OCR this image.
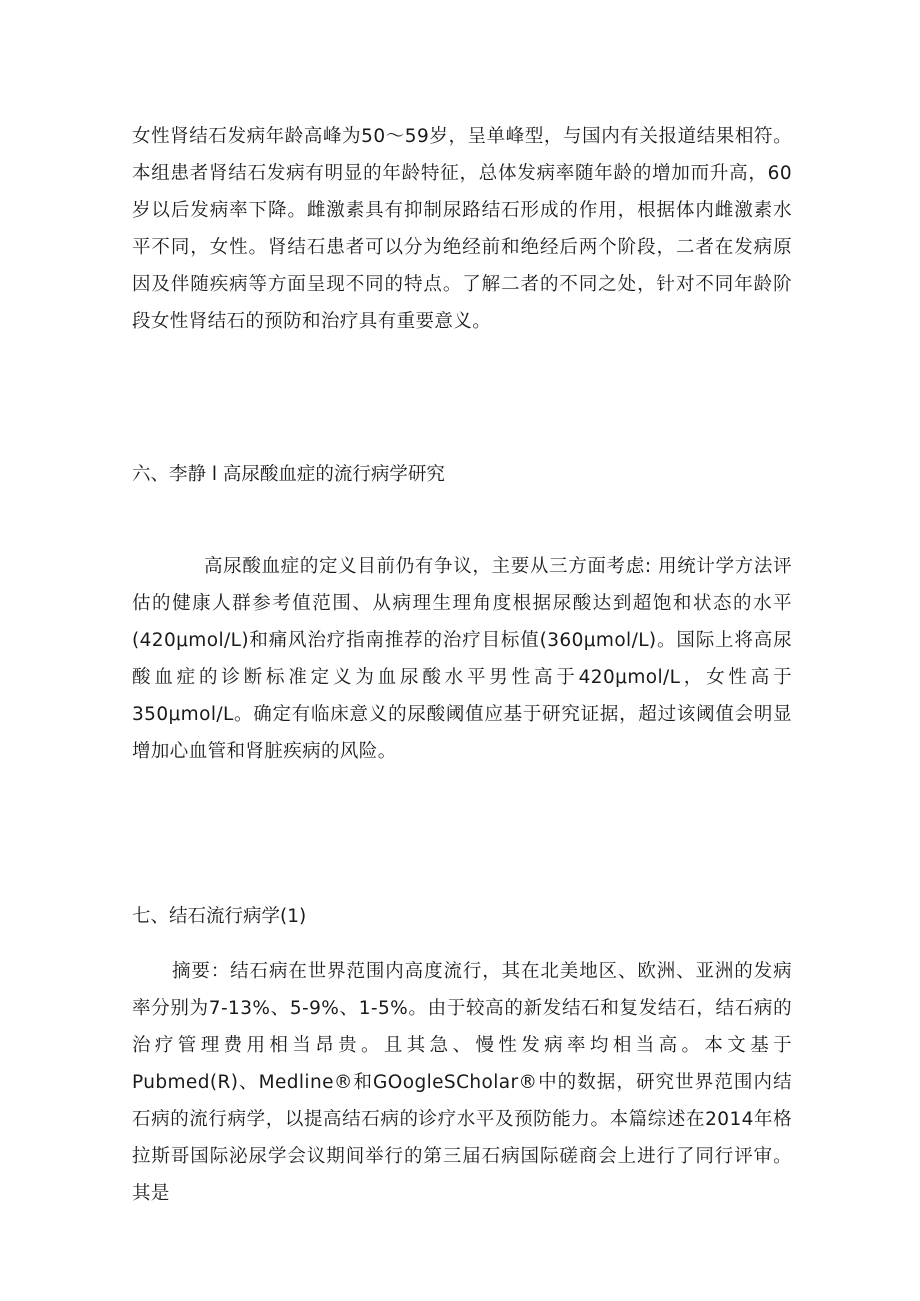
女性肾结石发病年龄高峰为50〜59岁，呈单峰型，与国内有关报道结果相符。本组患者肾结石发病有明显的年龄特征，总体发病率随年龄的增加而升高，60岁以后发病率下降。雌激素具有抑制尿路结石形成的作用，根据体内雌激素水平不同，女性。肾结石患者可以分为绝经前和绝经后两个阶段，二者在发病原因及伴随疾病等方面呈现不同的特点。了解二者的不同之处，针对不同年龄阶段女性肾结石的预防和治疗具有重要意义。

六、李静 l 高尿酸血症的流行病学研究

高尿酸血症的定义目前仍有争议，主要从三方面考虑: 用统计学方法评估的健康人群参考值范围、从病理生理角度根据尿酸达到超饱和状态的水平(420μmol/L)和痛风治疗指南推荐的治疗目标值(360μmol/L)。国际上将高尿酸血症的诊断标准定义为血尿酸水平男性高于420μmol/L，女性高于350μmol/L。确定有临床意义的尿酸阈值应基于研究证据，超过该阈值会明显增加心血管和肾脏疾病的风险。

七、结石流行病学(1)

摘要：结石病在世界范围内高度流行，其在北美地区、欧洲、亚洲的发病率分别为7-13%、5-9%、1-5%。由于较高的新发结石和复发结石，结石病的治疗管理费用相当昂贵。且其急、慢性发病率均相当高。本文基于Pubmed(R)、Medline®和GOogleSCholar®中的数据，研究世界范围内结石病的流行病学，以提高结石病的诊疗水平及预防能力。本篇综述在2014年格拉斯哥国际泌尿学会议期间举行的第三届石病国际磋商会上进行了同行评审。其是
